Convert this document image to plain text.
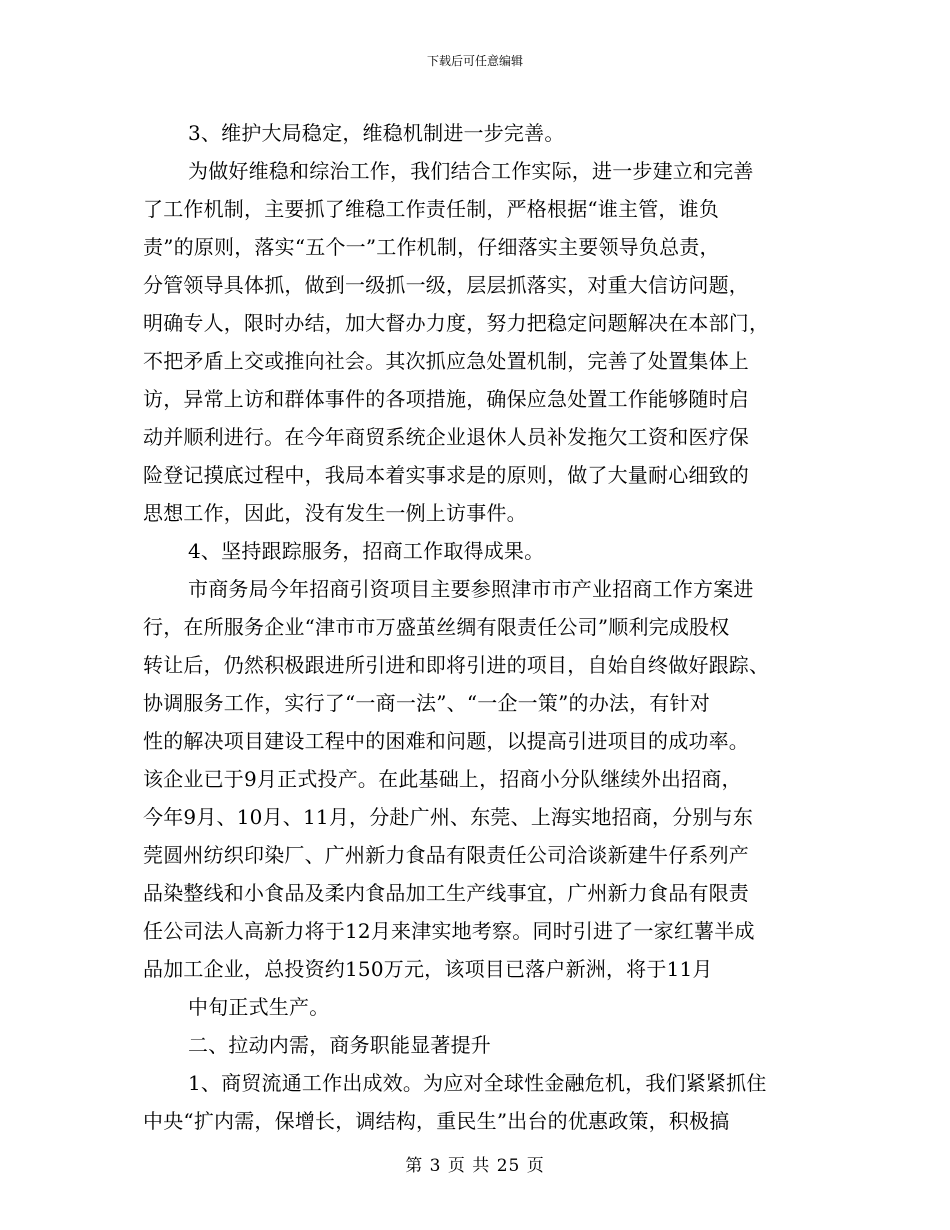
下载后可任意编辑
3、维护大局稳定，维稳机制进一步完善。
为做好维稳和综治工作，我们结合工作实际，进一步建立和完善
了工作机制，主要抓了维稳工作责任制，严格根据“谁主管，谁负
责”的原则，落实“五个一”工作机制，仔细落实主要领导负总责，
分管领导具体抓，做到一级抓一级，层层抓落实，对重大信访问题，
明确专人，限时办结，加大督办力度，努力把稳定问题解决在本部门，
不把矛盾上交或推向社会。其次抓应急处置机制，完善了处置集体上
访，异常上访和群体事件的各项措施，确保应急处置工作能够随时启
动并顺利进行。在今年商贸系统企业退休人员补发拖欠工资和医疗保
险登记摸底过程中，我局本着实事求是的原则，做了大量耐心细致的
思想工作，因此，没有发生一例上访事件。
4、坚持跟踪服务，招商工作取得成果。
市商务局今年招商引资项目主要参照津市市产业招商工作方案进
行，在所服务企业“津市市万盛茧丝绸有限责任公司”顺利完成股权
转让后，仍然积极跟进所引进和即将引进的项目，自始自终做好跟踪、
协调服务工作，实行了“一商一法”、“一企一策”的办法，有针对
性的解决项目建设工程中的困难和问题，以提高引进项目的成功率。
该企业已于9月正式投产。在此基础上，招商小分队继续外出招商，
今年9月、10月、11月，分赴广州、东莞、上海实地招商，分别与东
莞圆州纺织印染厂、广州新力食品有限责任公司洽谈新建牛仔系列产
品染整线和小食品及柔内食品加工生产线事宜，广州新力食品有限责
任公司法人高新力将于12月来津实地考察。同时引进了一家红薯半成
品加工企业，总投资约150万元，该项目已落户新洲，将于11月
中旬正式生产。
二、拉动内需，商务职能显著提升
1、商贸流通工作出成效。为应对全球性金融危机，我们紧紧抓住
中央“扩内需，保增长，调结构，重民生”出台的优惠政策，积极搞
第 3 页 共 25 页
